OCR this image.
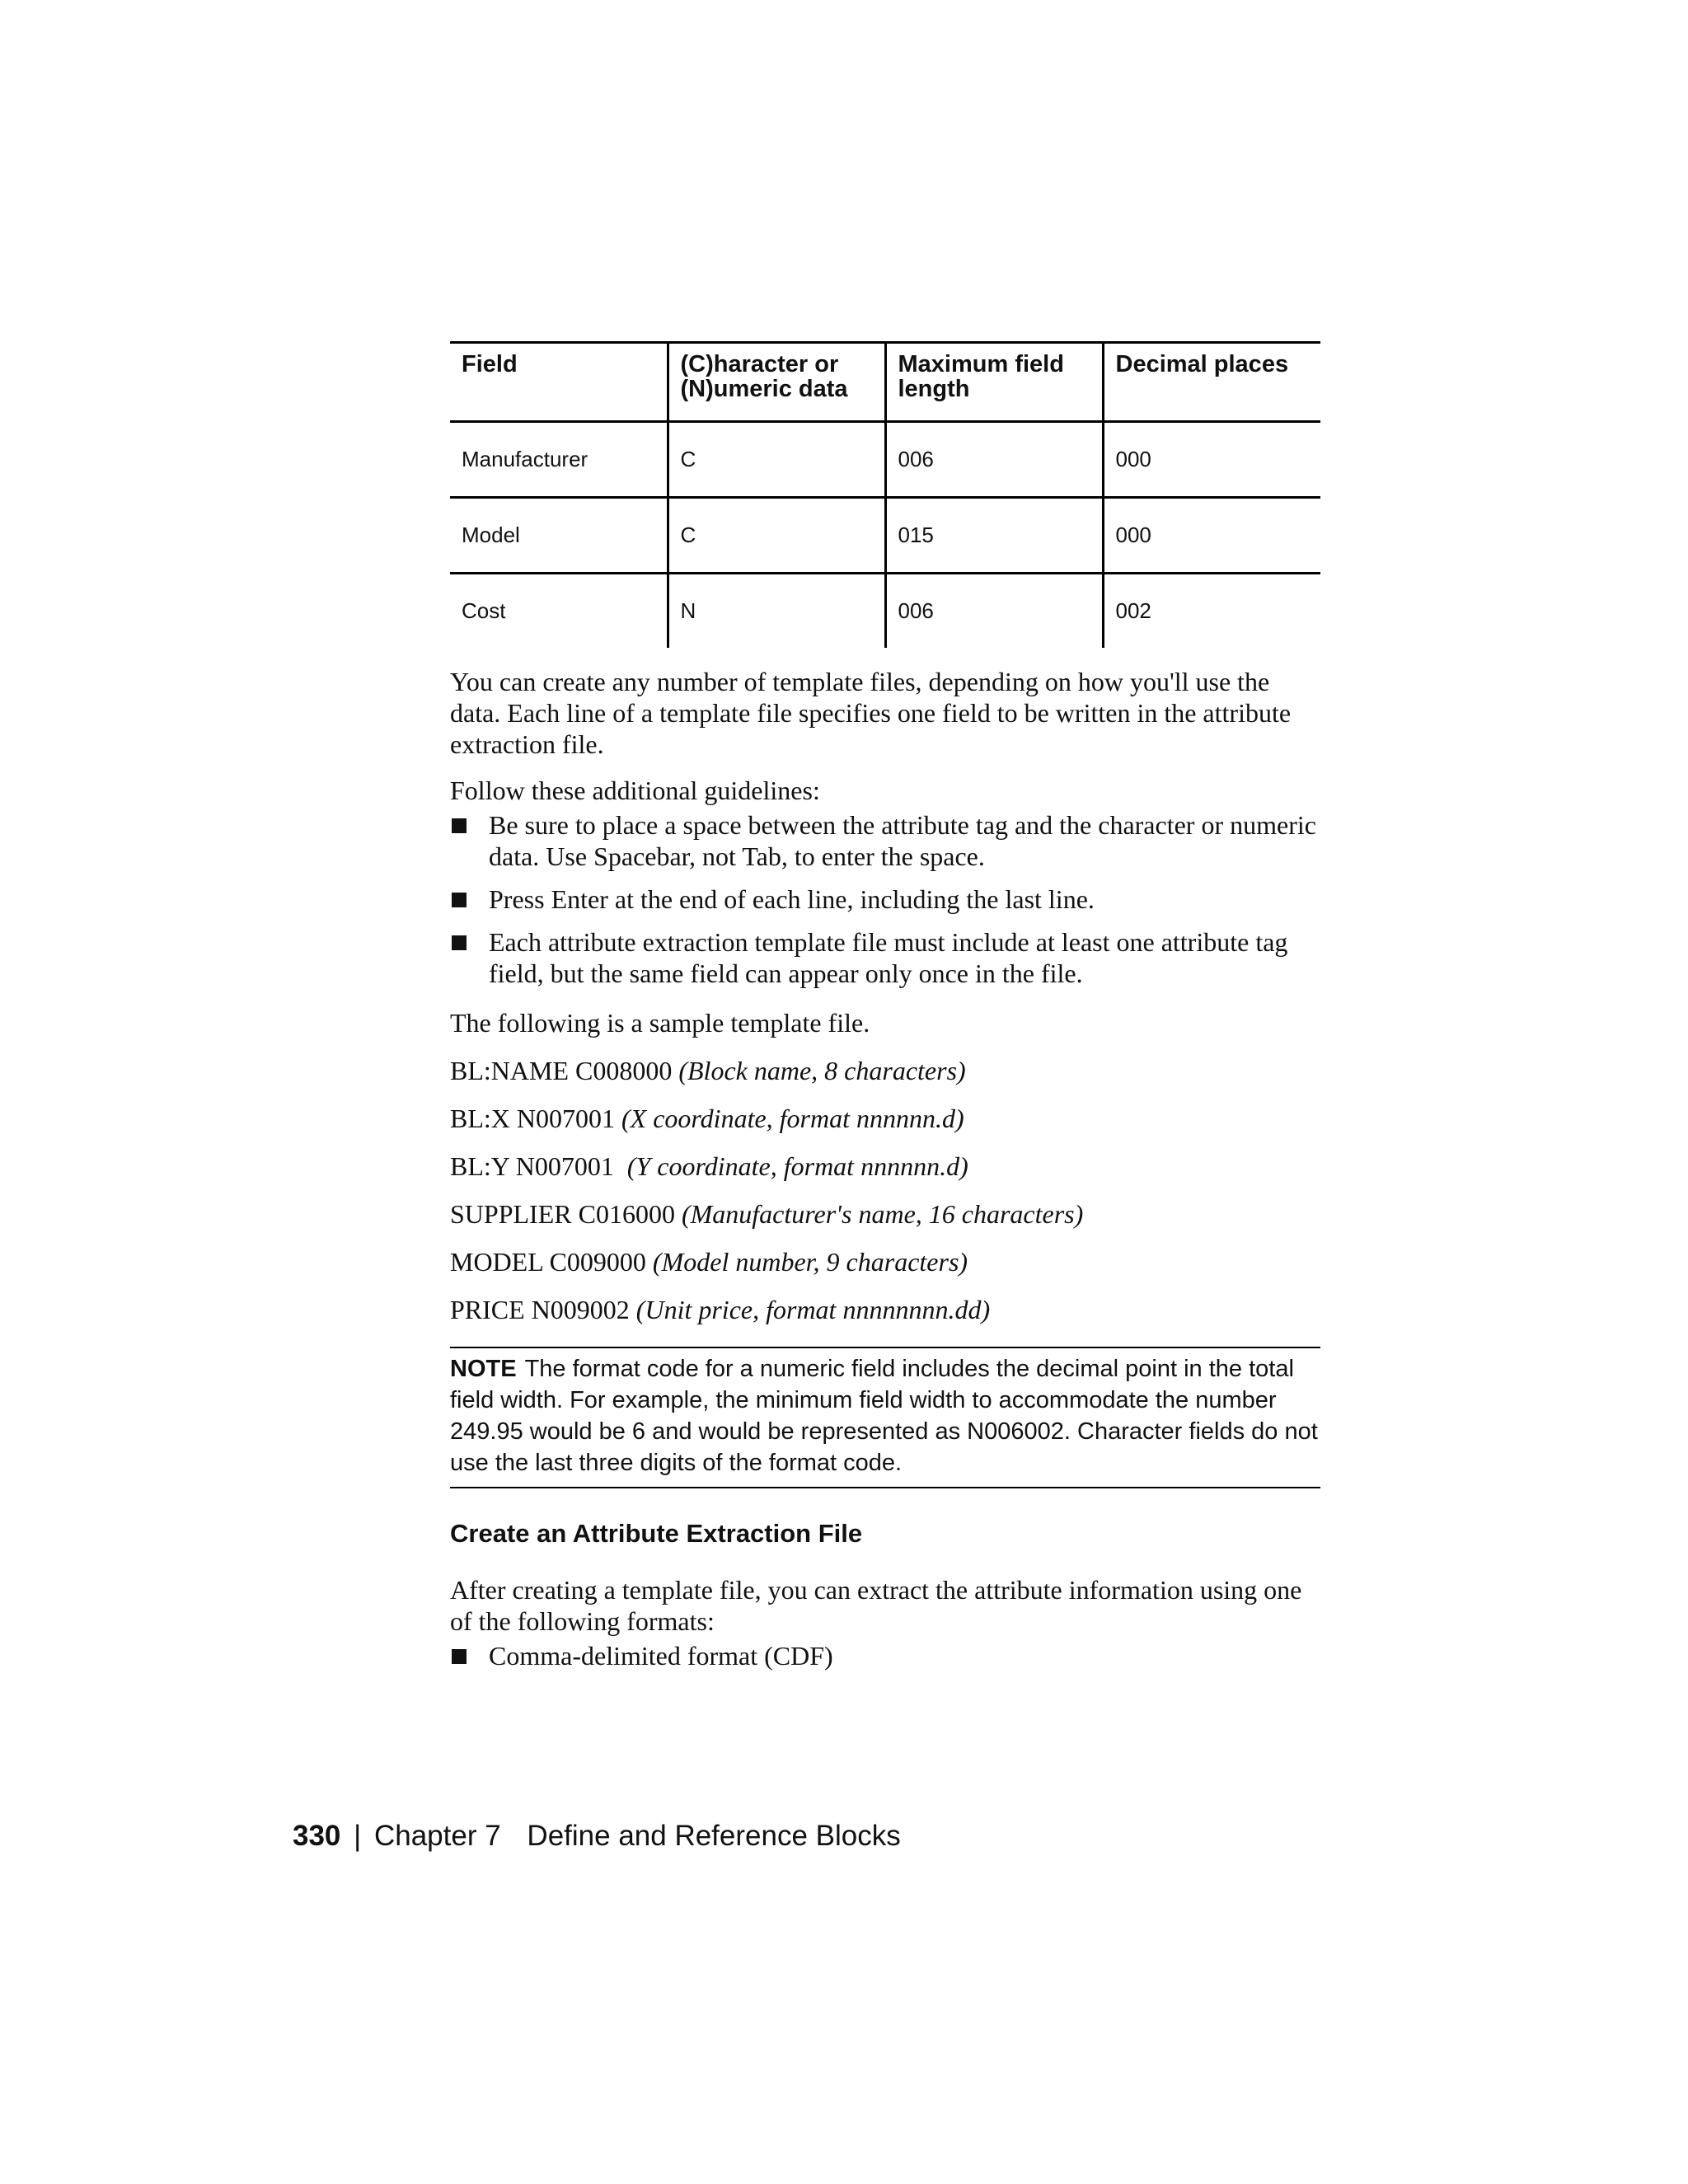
Field	(C)haracter or (N)umeric data	Maximum field length	Decimal places
Manufacturer	C	006	000
Model	C	015	000
Cost	N	006	002

You can create any number of template files, depending on how you'll use the data. Each line of a template file specifies one field to be written in the attribute extraction file.

Follow these additional guidelines:

Be sure to place a space between the attribute tag and the character or numeric data. Use Spacebar, not Tab, to enter the space.
Press Enter at the end of each line, including the last line.
Each attribute extraction template file must include at least one attribute tag field, but the same field can appear only once in the file.

The following is a sample template file.

BL:NAME C008000 (Block name, 8 characters)

BL:X N007001 (X coordinate, format nnnnnn.d)

BL:Y N007001 (Y coordinate, format nnnnnn.d)

SUPPLIER C016000 (Manufacturer's name, 16 characters)

MODEL C009000 (Model number, 9 characters)

PRICE N009002 (Unit price, format nnnnnnnn.dd)

NOTE The format code for a numeric field includes the decimal point in the total field width. For example, the minimum field width to accommodate the number 249.95 would be 6 and would be represented as N006002. Character fields do not use the last three digits of the format code.
Create an Attribute Extraction File

After creating a template file, you can extract the attribute information using one of the following formats:

Comma-delimited format (CDF)
330 | Chapter 7 Define and Reference Blocks
